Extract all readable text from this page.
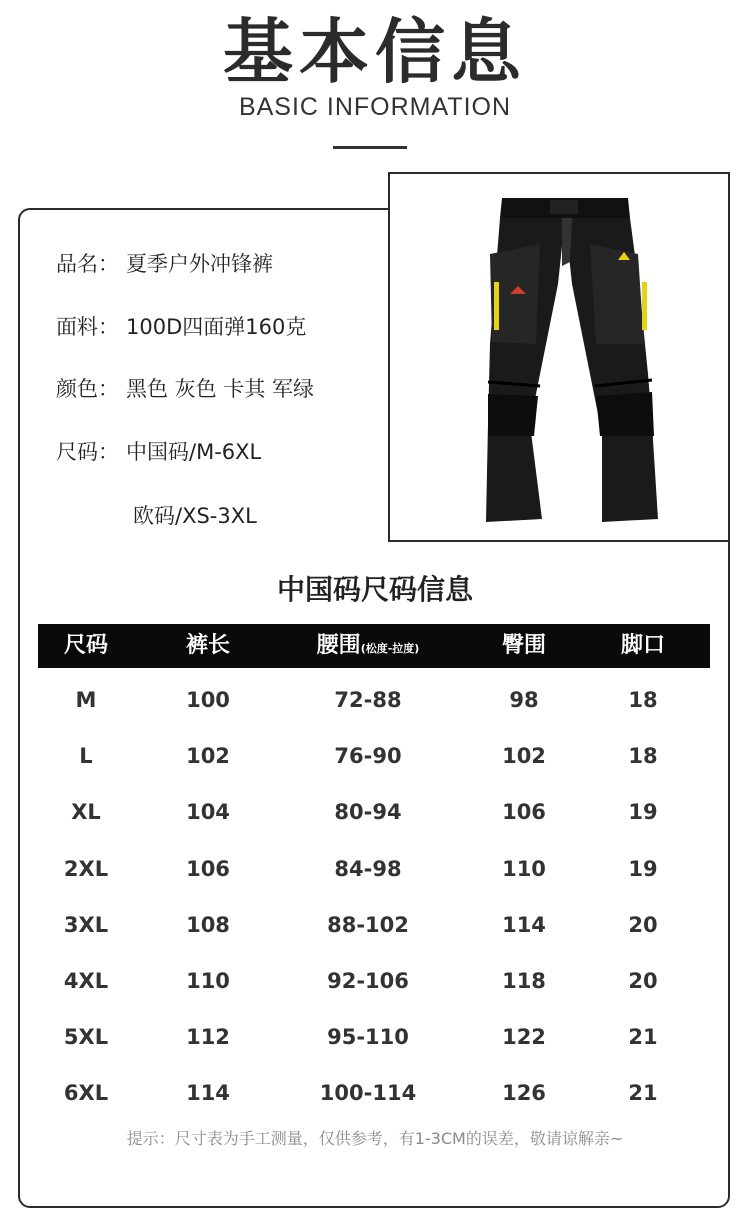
基本信息
BASIC INFORMATION
品名： 夏季户外冲锋裤
面料： 100D四面弹160克
颜色： 黑色 灰色 卡其 军绿
尺码： 中国码/M-6XL
欧码/XS-3XL
中国码尺码信息
尺码	裤长	腰围(松度-拉度)	臀围	脚口
M	100	72-88	98	18
L	102	76-90	102	18
XL	104	80-94	106	19
2XL	106	84-98	110	19
3XL	108	88-102	114	20
4XL	110	92-106	118	20
5XL	112	95-110	122	21
6XL	114	100-114	126	21
提示：尺寸表为手工测量，仅供参考，有1-3CM的误差，敬请谅解亲~
